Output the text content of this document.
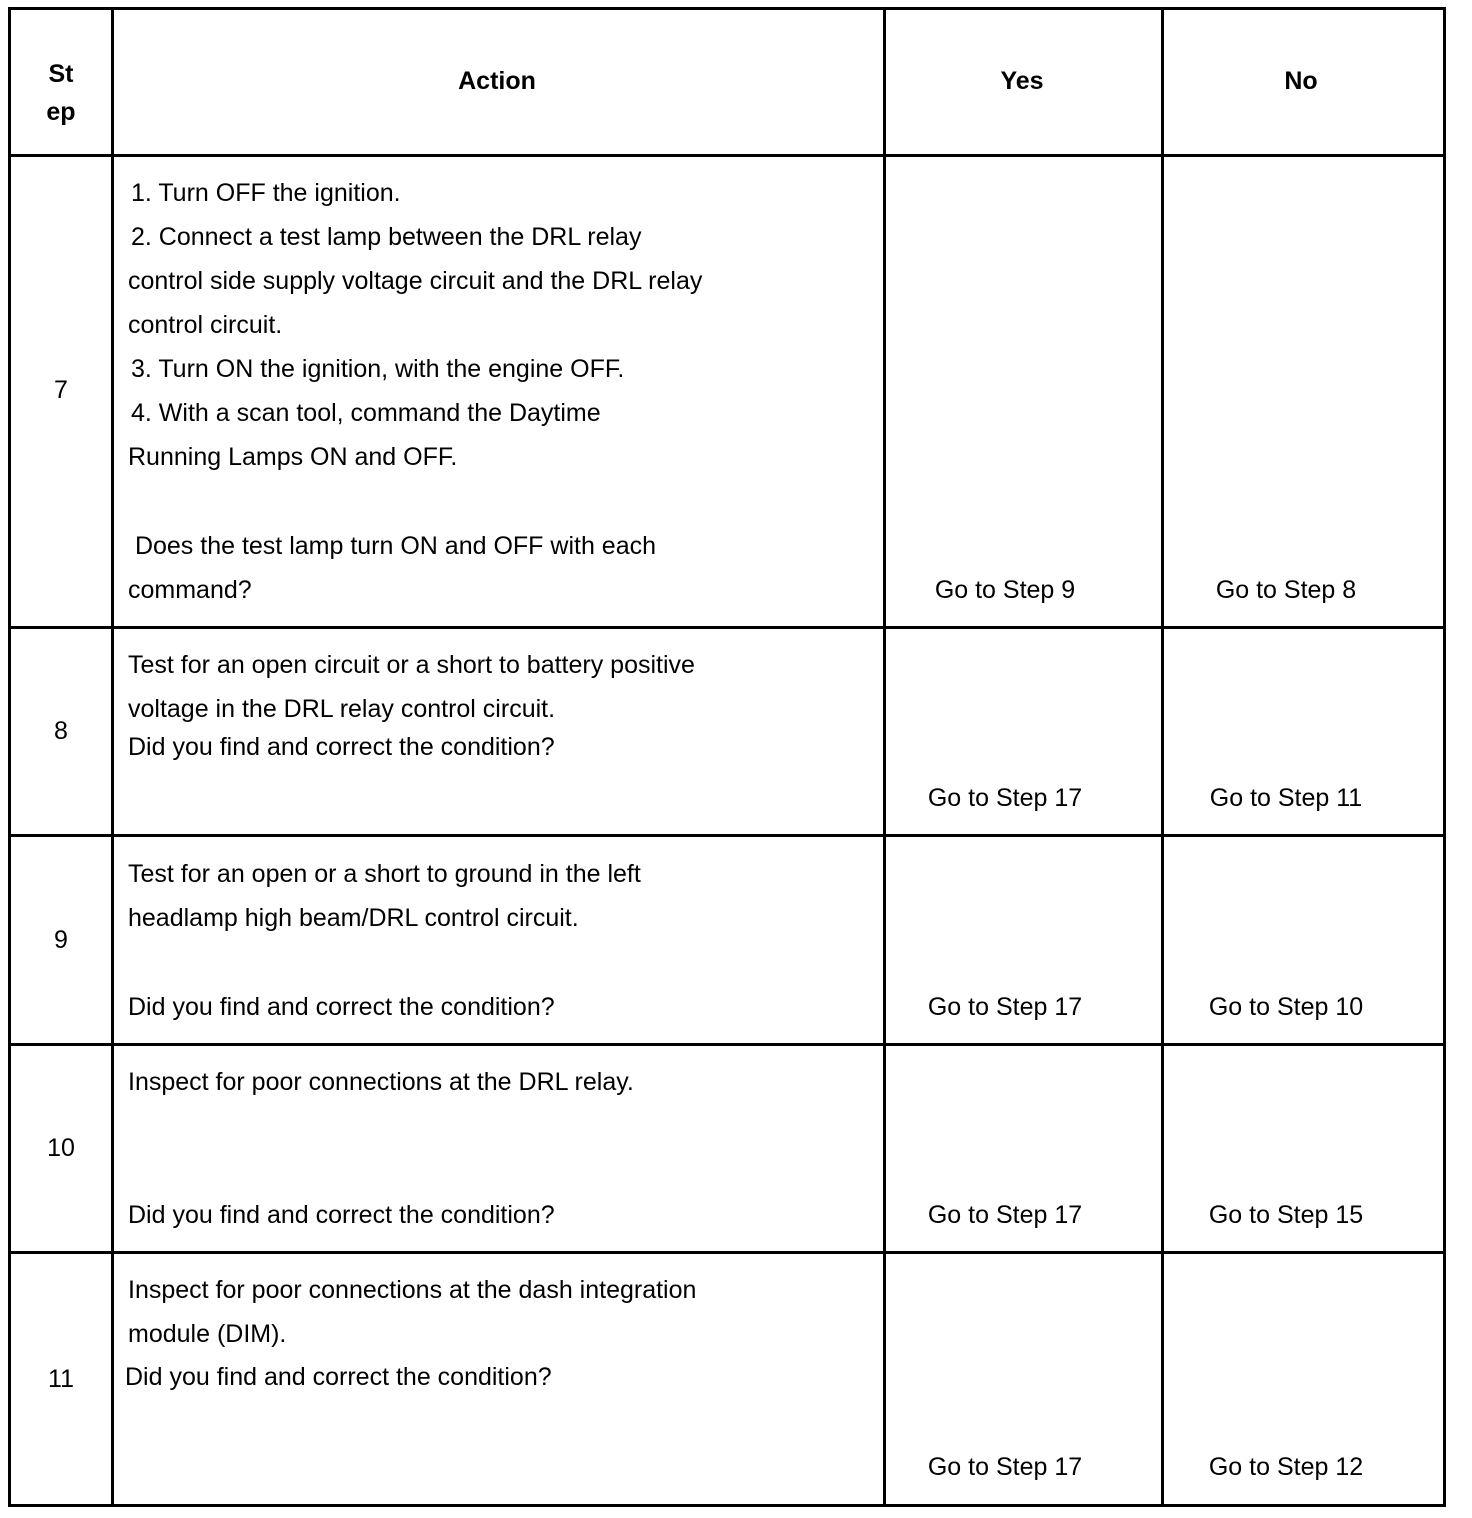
St
ep
Action	Yes	No
7
1. Turn OFF the ignition.
2. Connect a test lamp between the DRL relay
control side supply voltage circuit and the DRL relay
control circuit.
3. Turn ON the ignition, with the engine OFF.
4. With a scan tool, command the Daytime
Running Lamps ON and OFF.
Does the test lamp turn ON and OFF with each
command?	Go to Step 9	Go to Step 8
8
Test for an open circuit or a short to battery positive
voltage in the DRL relay control circuit.
Did you find and correct the condition?
Go to Step 17	Go to Step 11
9
Test for an open or a short to ground in the left
headlamp high beam/DRL control circuit.
Did you find and correct the condition?	Go to Step 17	Go to Step 10
10
Inspect for poor connections at the DRL relay.
Did you find and correct the condition?	Go to Step 17	Go to Step 15
11
Inspect for poor connections at the dash integration
module (DIM).
Did you find and correct the condition?
Go to Step 17	Go to Step 12
